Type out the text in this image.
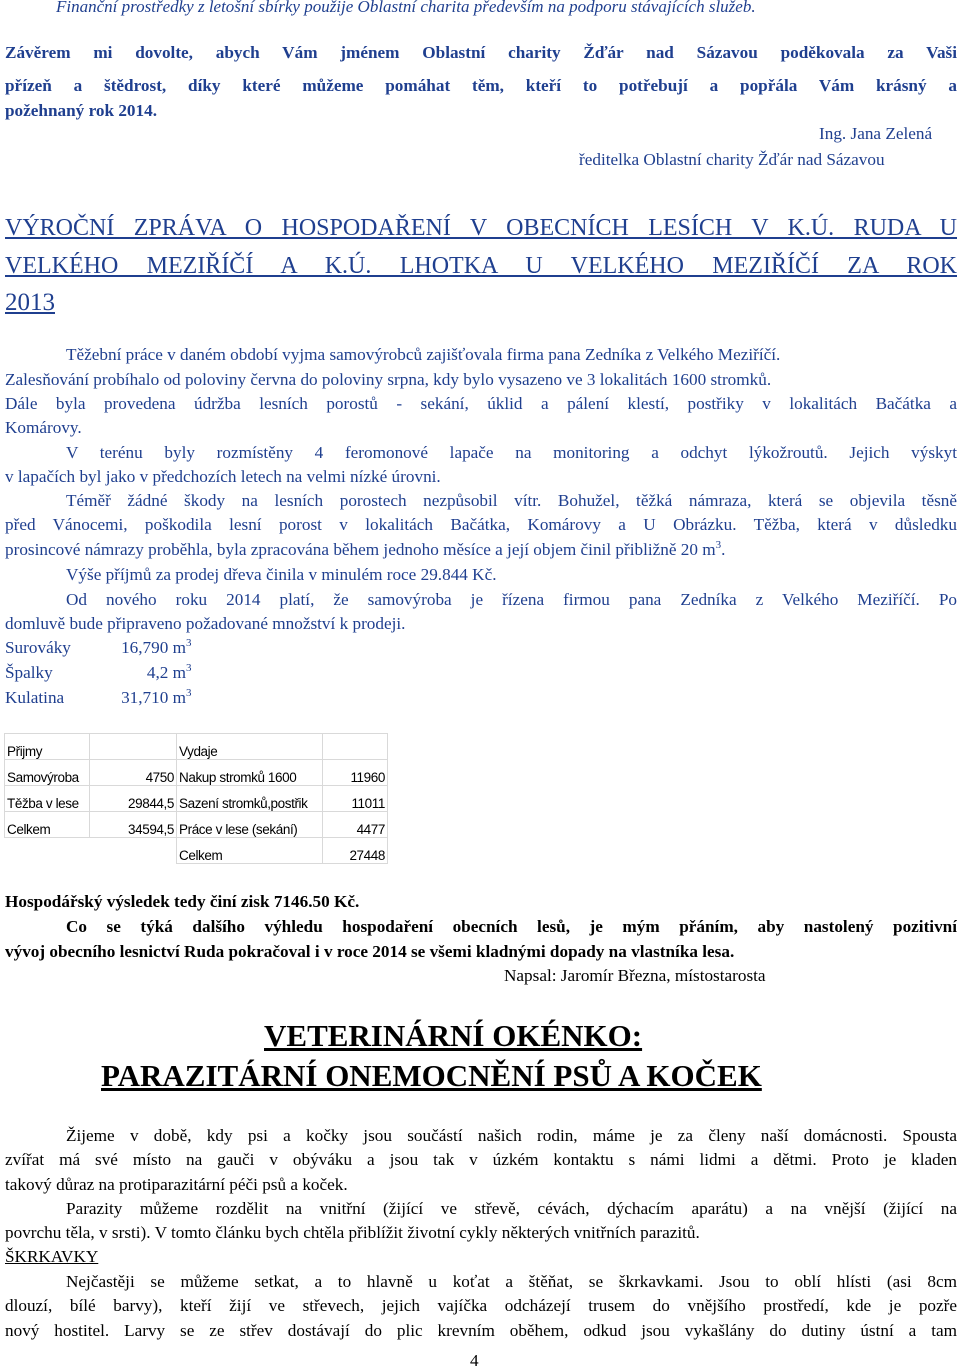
Finanční prostředky z letošní sbírky použije Oblastní charita především na podporu stávajících služeb.
Závěrem mi dovolte, abych Vám jménem Oblastní charity Žďár nad Sázavou poděkovala za Vaši
přízeň a štědrost, díky které můžeme pomáhat těm, kteří to potřebují a popřála Vám krásný a
požehnaný rok 2014.
Ing. Jana Zelená
ředitelka Oblastní charity Žďár nad Sázavou
VÝROČNÍ ZPRÁVA O HOSPODAŘENÍ V OBECNÍCH LESÍCH V K.Ú. RUDA U
VELKÉHO MEZIŘÍČÍ A K.Ú. LHOTKA U VELKÉHO MEZIŘÍČÍ ZA ROK
2013
Těžební práce v daném období vyjma samovýrobců zajišťovala firma pana Zedníka z Velkého Meziříčí.
Zalesňování probíhalo od poloviny června do poloviny srpna, kdy bylo vysazeno ve 3 lokalitách 1600 stromků.
Dále byla provedena údržba lesních porostů - sekání, úklid a pálení klestí, postřiky v lokalitách Bačátka a
Komárovy.
V terénu byly rozmístěny 4 feromonové lapače na monitoring a odchyt lýkožroutů. Jejich výskyt
v lapačích byl jako v předchozích letech na velmi nízké úrovni.
Téměř žádné škody na lesních porostech nezpůsobil vítr. Bohužel, těžká námraza, která se objevila těsně
před Vánocemi, poškodila lesní porost v lokalitách Bačátka, Komárovy a U Obrázku. Těžba, která v důsledku
prosincové námrazy proběhla, byla zpracována během jednoho měsíce a její objem činil přibližně 20 $m^3$.
Výše příjmů za prodej dřeva činila v minulém roce 29.844 Kč.
Od nového roku 2014 platí, že samovýroba je řízena firmou pana Zedníka z Velkého Meziříčí. Po
domluvě bude připraveno požadované množství k prodeji.
Surováky	16,790 $m^3$
Špalky	4,2 $m^3$
Kulatina	31,710 $m^3$
Přijmy		Vydaje	
Samovýroba	4750	Nakup stromků 1600	11960
Těžba v lese	29844,5	Sazení stromků,postřik	11011
Celkem	34594,5	Práce v lese (sekání)	4477
		Celkem	27448
Hospodářský výsledek tedy činí zisk 7146.50 Kč.
Co se týká dalšího výhledu hospodaření obecních lesů, je mým přáním, aby nastolený pozitivní
vývoj obecního lesnictví Ruda pokračoval i v roce 2014 se všemi kladnými dopady na vlastníka lesa.
Napsal: Jaromír Března, místostarosta
VETERINÁRNÍ OKÉNKO:
PARAZITÁRNÍ ONEMOCNĚNÍ PSŮ A KOČEK
Žijeme v době, kdy psi a kočky jsou součástí našich rodin, máme je za členy naší domácnosti. Spousta
zvířat má své místo na gauči v obýváku a jsou tak v úzkém kontaktu s námi lidmi a dětmi. Proto je kladen
takový důraz na protiparazitární péči psů a koček.
Parazity můžeme rozdělit na vnitřní (žijící ve střevě, cévách, dýchacím aparátu) a na vnější (žijící na
povrchu těla, v srsti). V tomto článku bych chtěla přiblížit životní cykly některých vnitřních parazitů.
ŠKRKAVKY
Nejčastěji se můžeme setkat, a to hlavně u koťat a štěňat, se škrkavkami. Jsou to oblí hlísti (asi 8cm
dlouzí, bílé barvy), kteří žijí ve střevech, jejich vajíčka odcházejí trusem do vnějšího prostředí, kde je pozře
nový hostitel. Larvy se ze střev dostávají do plic krevním oběhem, odkud jsou vykašlány do dutiny ústní a tam
4
